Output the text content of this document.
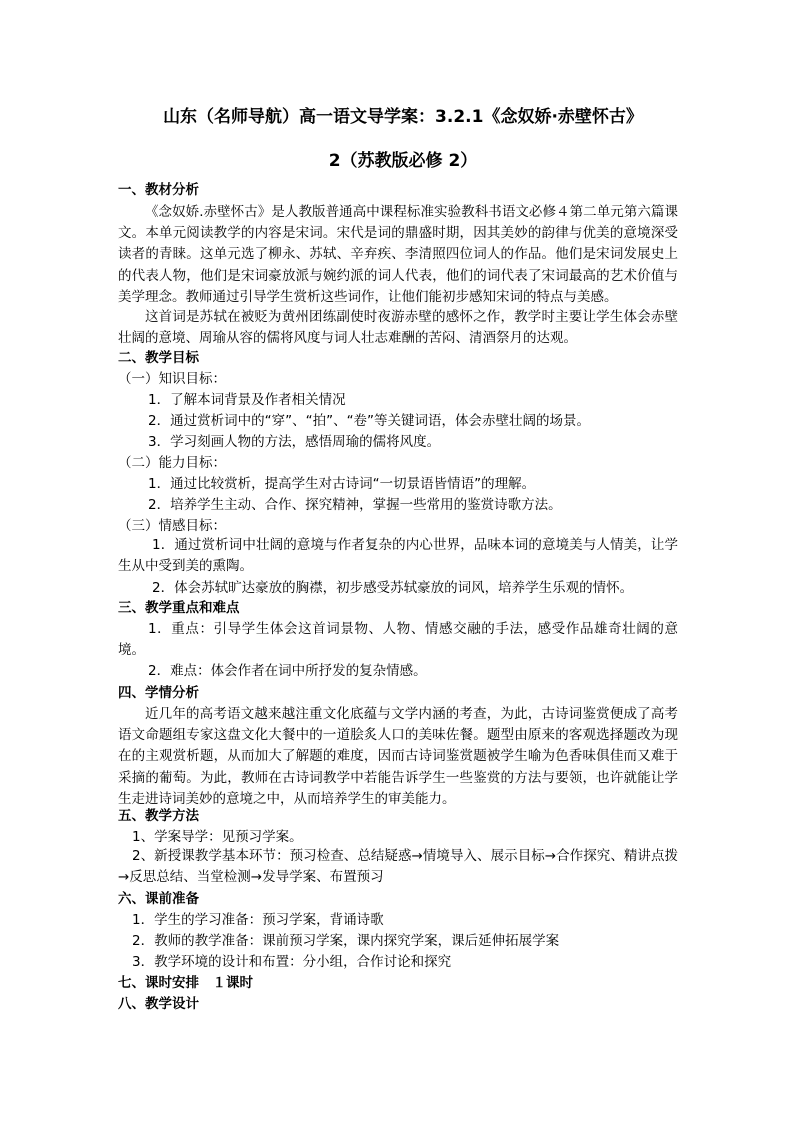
山东（名师导航）高一语文导学案：3.2.1《念奴娇·赤壁怀古》
2（苏教版必修 2）
一、教材分析
《念奴娇.赤壁怀古》是人教版普通高中课程标准实验教科书语文必修４第二单元第六篇课文。本单元阅读教学的内容是宋词。宋代是词的鼎盛时期，因其美妙的韵律与优美的意境深受读者的青睐。这单元选了柳永、苏轼、辛弃疾、李清照四位词人的作品。他们是宋词发展史上的代表人物，他们是宋词豪放派与婉约派的词人代表，他们的词代表了宋词最高的艺术价值与美学理念。教师通过引导学生赏析这些词作，让他们能初步感知宋词的特点与美感。
这首词是苏轼在被贬为黄州团练副使时夜游赤壁的感怀之作，教学时主要让学生体会赤壁壮阔的意境、周瑜从容的儒将风度与词人壮志难酬的苦闷、清酒祭月的达观。
二、教学目标
（一）知识目标：
1．了解本词背景及作者相关情况
2．通过赏析词中的“穿”、“拍”、“卷”等关键词语，体会赤壁壮阔的场景。
3．学习刻画人物的方法，感悟周瑜的儒将风度。
（二）能力目标：
1．通过比较赏析，提高学生对古诗词“一切景语皆情语”的理解。
2．培养学生主动、合作、探究精神，掌握一些常用的鉴赏诗歌方法。
（三）情感目标：
1．通过赏析词中壮阔的意境与作者复杂的内心世界，品味本词的意境美与人情美，让学生从中受到美的熏陶。
2．体会苏轼旷达豪放的胸襟，初步感受苏轼豪放的词风，培养学生乐观的情怀。
三、教学重点和难点
1．重点：引导学生体会这首词景物、人物、情感交融的手法，感受作品雄奇壮阔的意境。
2．难点：体会作者在词中所抒发的复杂情感。
四、学情分析
近几年的高考语文越来越注重文化底蕴与文学内涵的考查，为此，古诗词鉴赏便成了高考语文命题组专家这盘文化大餐中的一道脍炙人口的美味佐餐。题型由原来的客观选择题改为现在的主观赏析题，从而加大了解题的难度，因而古诗词鉴赏题被学生喻为色香味俱佳而又难于采摘的葡萄。为此，教师在古诗词教学中若能告诉学生一些鉴赏的方法与要领，也许就能让学生走进诗词美妙的意境之中，从而培养学生的审美能力。
五、教学方法
1、学案导学：见预习学案。
2、新授课教学基本环节：预习检查、总结疑惑→情境导入、展示目标→合作探究、精讲点拨→反思总结、当堂检测→发导学案、布置预习
六、课前准备
1．学生的学习准备：预习学案，背诵诗歌
2．教师的教学准备：课前预习学案，课内探究学案，课后延伸拓展学案
3．教学环境的设计和布置：分小组，合作讨论和探究
七、课时安排　１课时
八、教学设计
